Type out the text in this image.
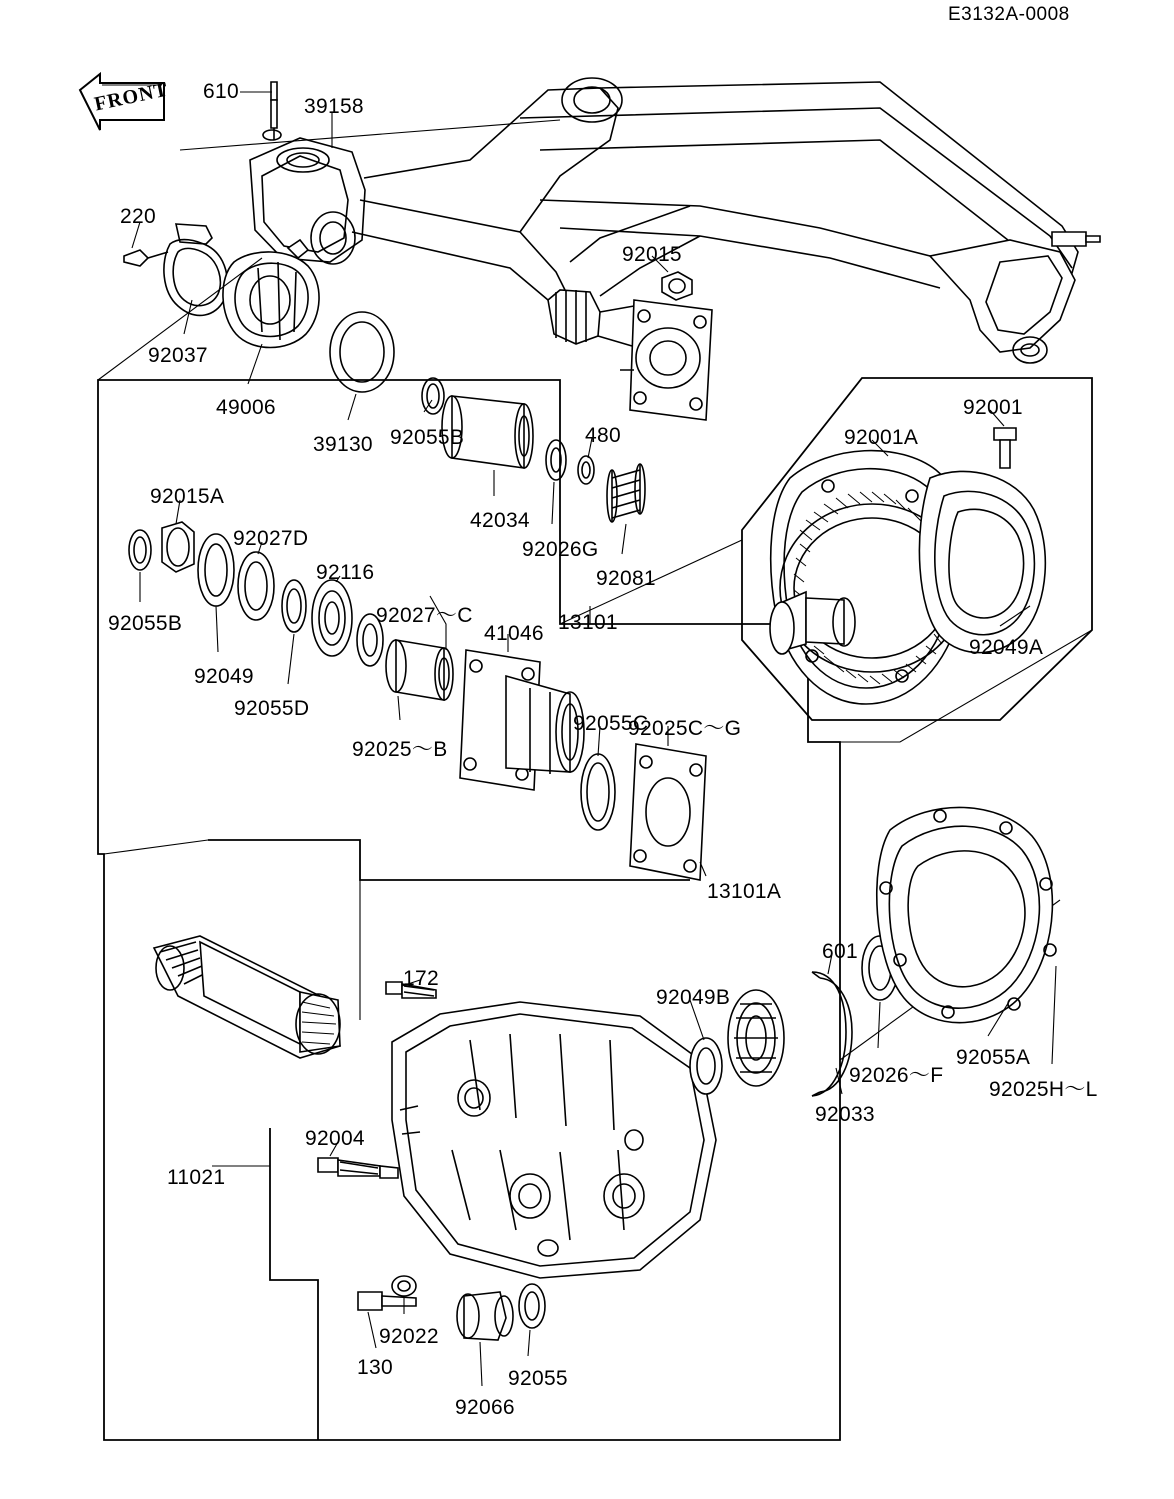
E3132A-0008
FRONT 610
39158
220
92015
92037
49006
39130 92055B	480
42034
92026G
92081
13101
92001
92001A
92049A
92015A
92027D
92116
92055B
92049
92055D
92025～B
92027～C
41046
92055C
92025C～G
13101A
601
92049B
172
92026～F
92055A
92025H～L
92033
92004
11021
92022
130	92055
92066
